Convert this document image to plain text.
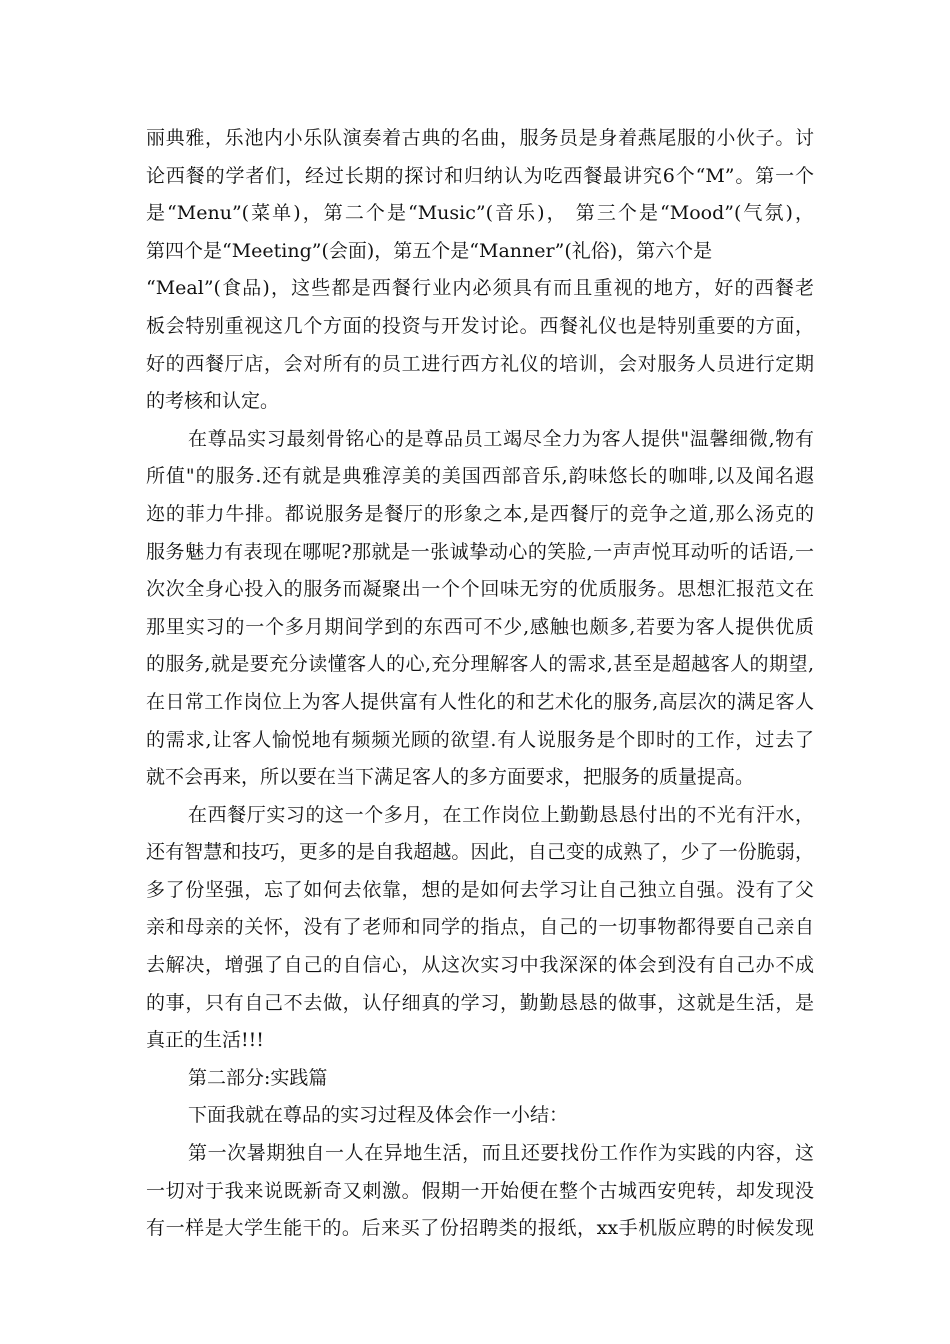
丽典雅，乐池内小乐队演奏着古典的名曲，服务员是身着燕尾服的小伙子。讨
论西餐的学者们，经过长期的探讨和归纳认为吃西餐最讲究6个“M”。第一个
是“Menu”(菜单)，第二个是“Music”(音乐)， 第三个是“Mood”(气氛)，
第四个是“Meeting”(会面)，第五个是“Manner”(礼俗)，第六个是
“Meal”(食品)，这些都是西餐行业内必须具有而且重视的地方，好的西餐老
板会特别重视这几个方面的投资与开发讨论。西餐礼仪也是特别重要的方面，
好的西餐厅店，会对所有的员工进行西方礼仪的培训，会对服务人员进行定期
的考核和认定。
在尊品实习最刻骨铭心的是尊品员工竭尽全力为客人提供"温馨细微,物有
所值"的服务.还有就是典雅淳美的美国西部音乐,韵味悠长的咖啡,以及闻名遐
迩的菲力牛排。都说服务是餐厅的形象之本,是西餐厅的竞争之道,那么汤克的
服务魅力有表现在哪呢?那就是一张诚挚动心的笑脸,一声声悦耳动听的话语,一
次次全身心投入的服务而凝聚出一个个回味无穷的优质服务。思想汇报范文在
那里实习的一个多月期间学到的东西可不少,感触也颇多,若要为客人提供优质
的服务,就是要充分读懂客人的心,充分理解客人的需求,甚至是超越客人的期望,
在日常工作岗位上为客人提供富有人性化的和艺术化的服务,高层次的满足客人
的需求,让客人愉悦地有频频光顾的欲望.有人说服务是个即时的工作，过去了
就不会再来，所以要在当下满足客人的多方面要求，把服务的质量提高。
在西餐厅实习的这一个多月，在工作岗位上勤勤恳恳付出的不光有汗水，
还有智慧和技巧，更多的是自我超越。因此，自己变的成熟了，少了一份脆弱，
多了份坚强，忘了如何去依靠，想的是如何去学习让自己独立自强。没有了父
亲和母亲的关怀，没有了老师和同学的指点，自己的一切事物都得要自己亲自
去解决，增强了自己的自信心，从这次实习中我深深的体会到没有自己办不成
的事，只有自己不去做，认仔细真的学习，勤勤恳恳的做事，这就是生活，是
真正的生活!!!
第二部分:实践篇
下面我就在尊品的实习过程及体会作一小结：
第一次暑期独自一人在异地生活，而且还要找份工作作为实践的内容，这
一切对于我来说既新奇又刺激。假期一开始便在整个古城西安兜转，却发现没
有一样是大学生能干的。后来买了份招聘类的报纸，xx手机版应聘的时候发现
